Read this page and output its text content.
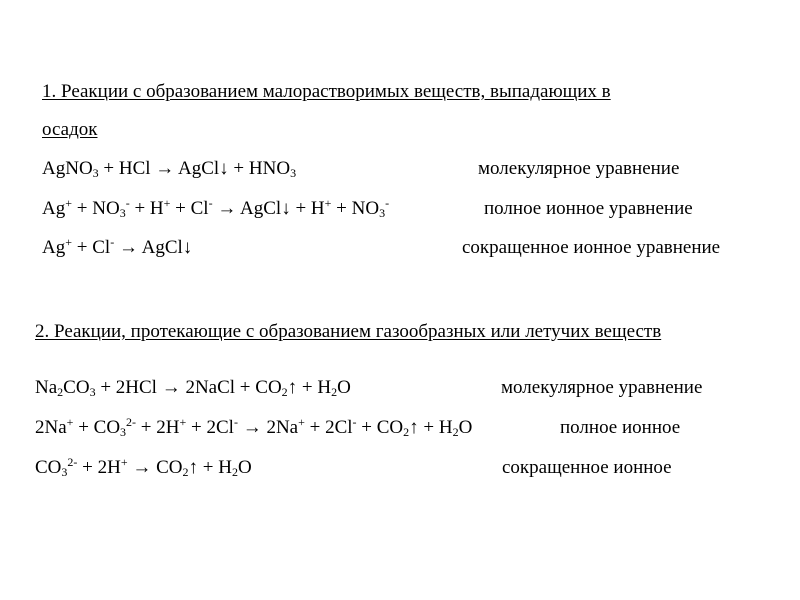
1. Реакции с образованием малорастворимых веществ, выпадающих в
осадок
AgNO$_3$ + HCl → AgCl↓ + $HNO_3$	молекулярное уравнение
$Ag^+ + NO_3^- + H^+ + Cl^-$ → AgCl↓ + $H^+ + NO_3^-$	полное ионное уравнение
Ag+ + Cl- → AgCl↓	сокращенное ионное уравнение
2. Реакции, протекающие с образованием газообразных или летучих веществ
$Na_2CO_3 + 2HCl$ → 2NaCl + $CO_2↑ + H_2O$	молекулярное уравнение
$2Na^+ + CO_3^{2-} + 2H^+ + 2Cl^- \to 2Na^+ + 2Cl^-$ + $CO_2↑ + H_2O$	полное ионное
$CO_3^{2-} + 2H^+$ → $CO_2↑ + H_2O$	сокращенное ионное
